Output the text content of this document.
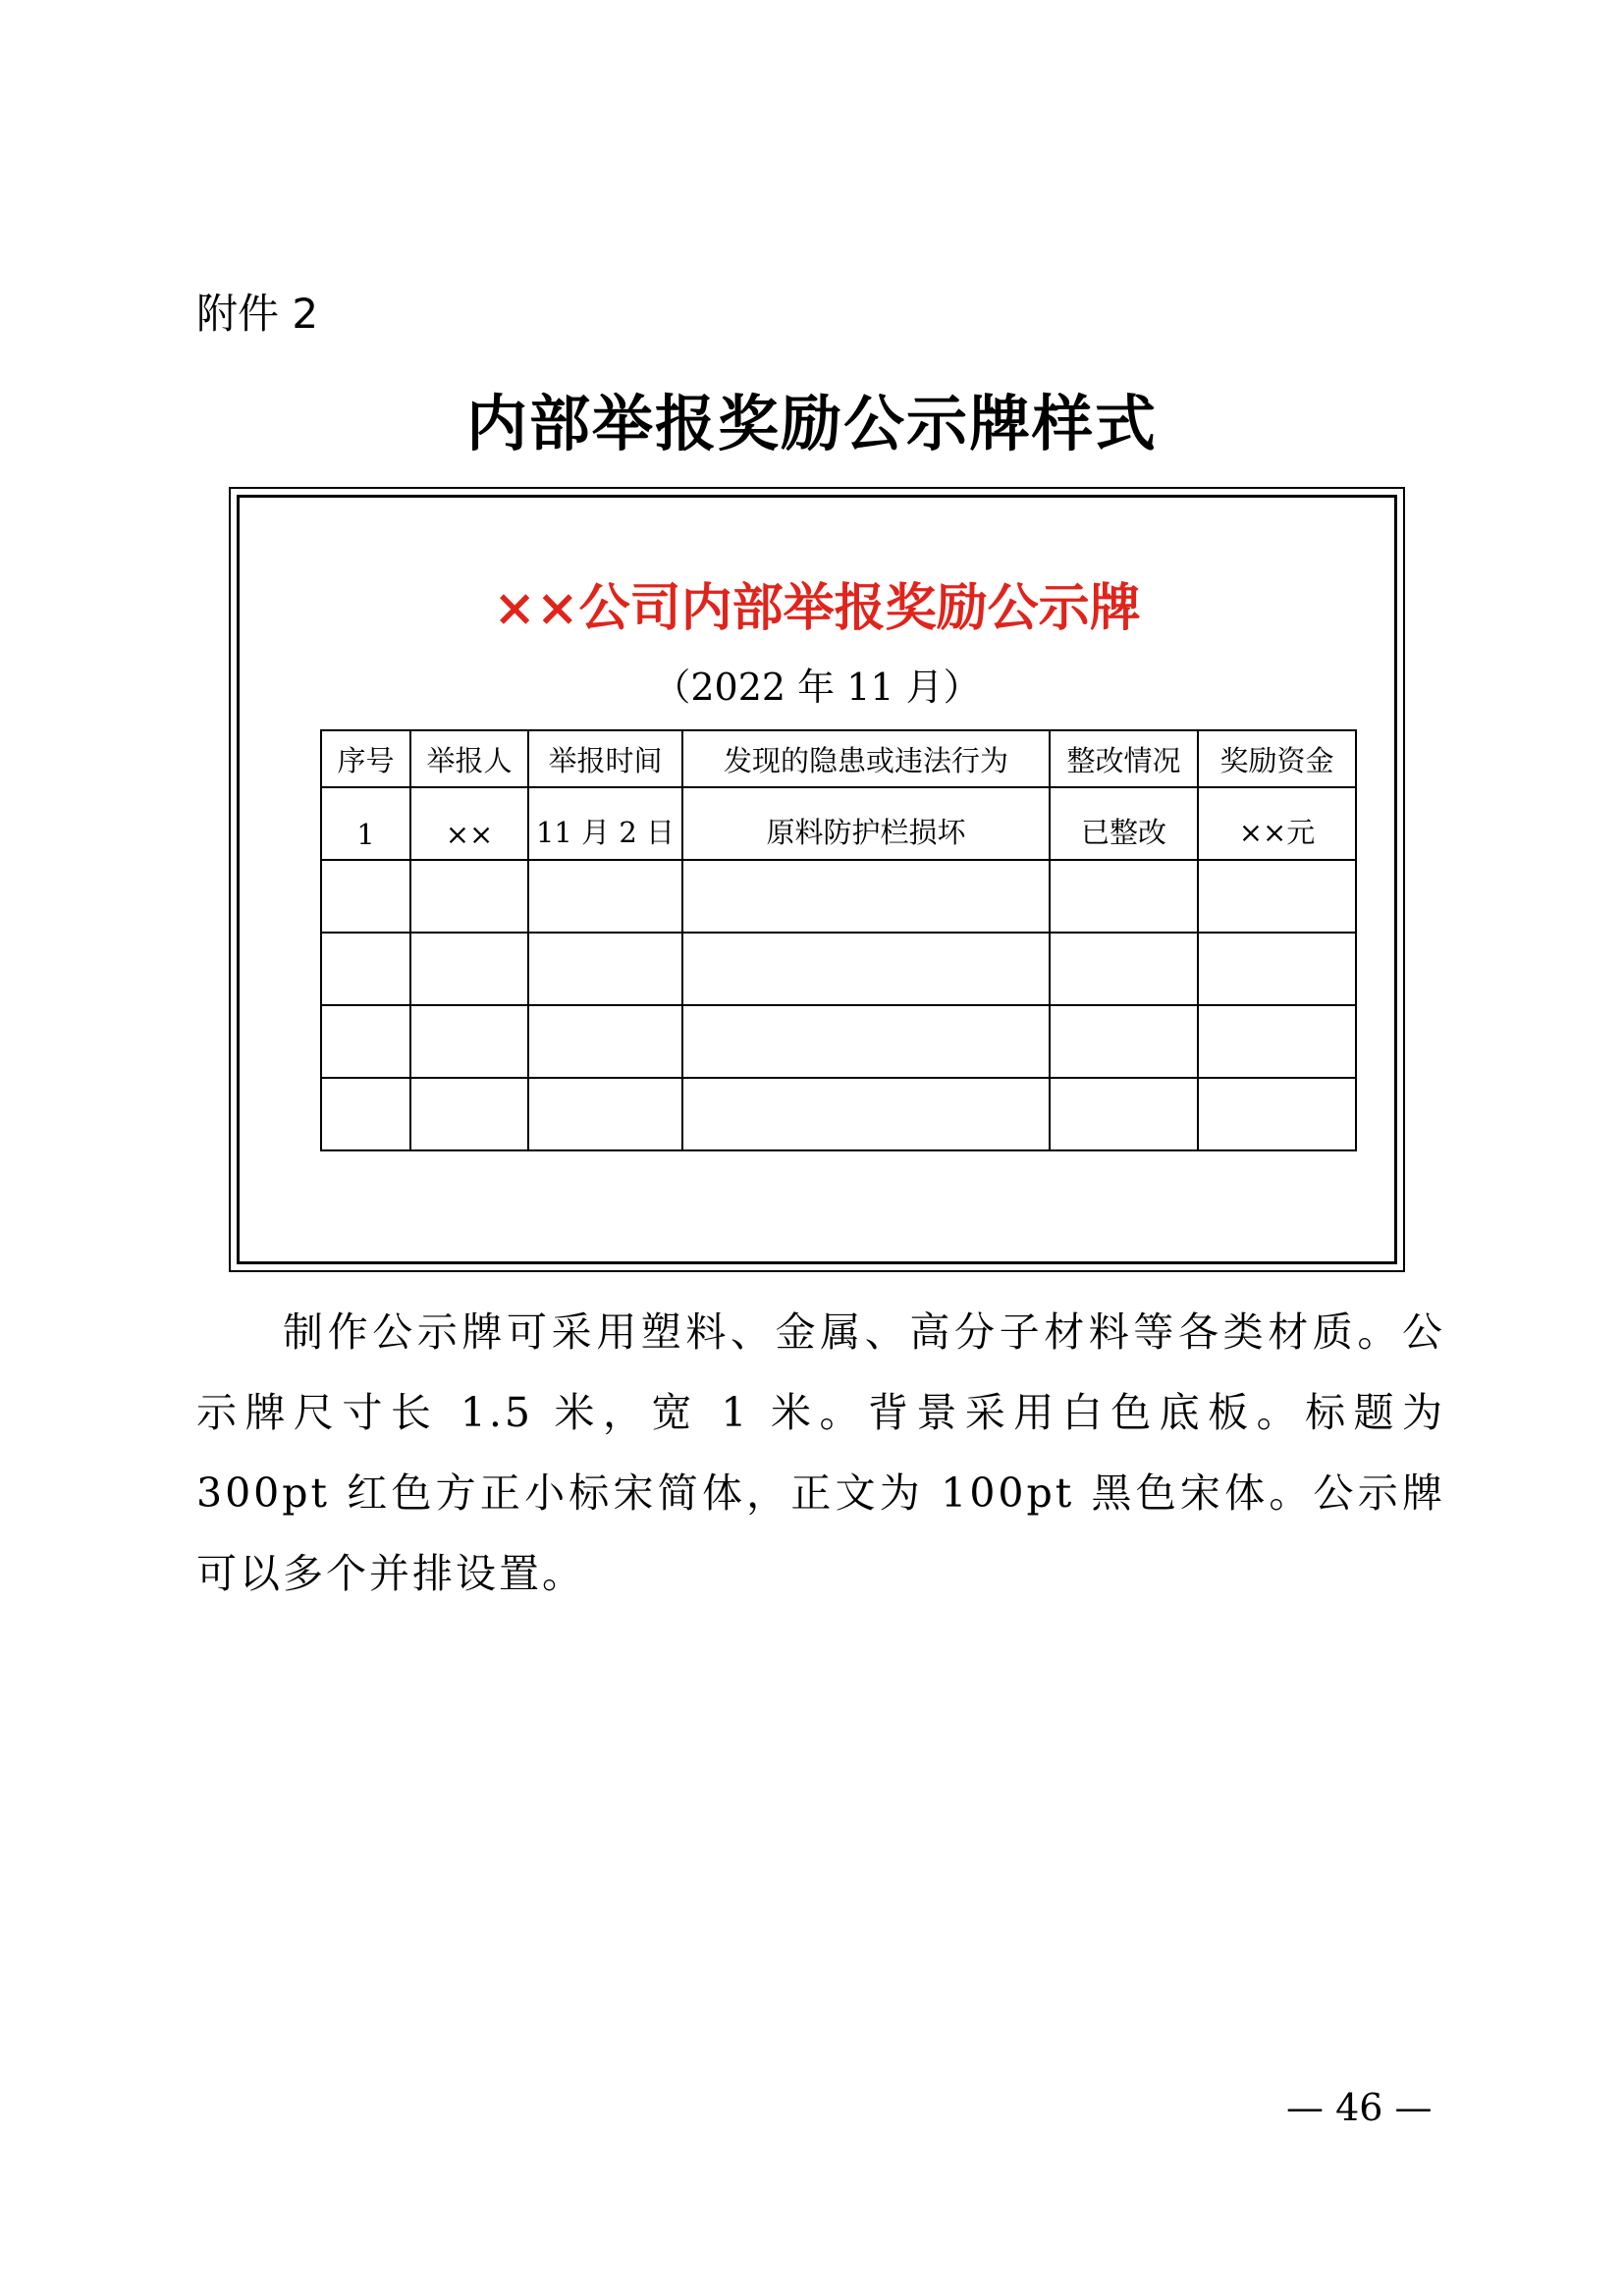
附件 2
内部举报奖励公示牌样式
××公司内部举报奖励公示牌
（2022 年 11 月）
序号	举报人	举报时间	发现的隐患或违法行为	整改情况	奖励资金
1	××	11 月 2 日	原料防护栏损坏	已整改	××元

制作公示牌可采用塑料、金属、高分子材料等各类材质。公示牌尺寸长 1.5 米，宽 1 米。背景采用白色底板。标题为 300pt 红色方正小标宋简体，正文为 100pt 黑色宋体。公示牌可以多个并排设置。

— 46 —
